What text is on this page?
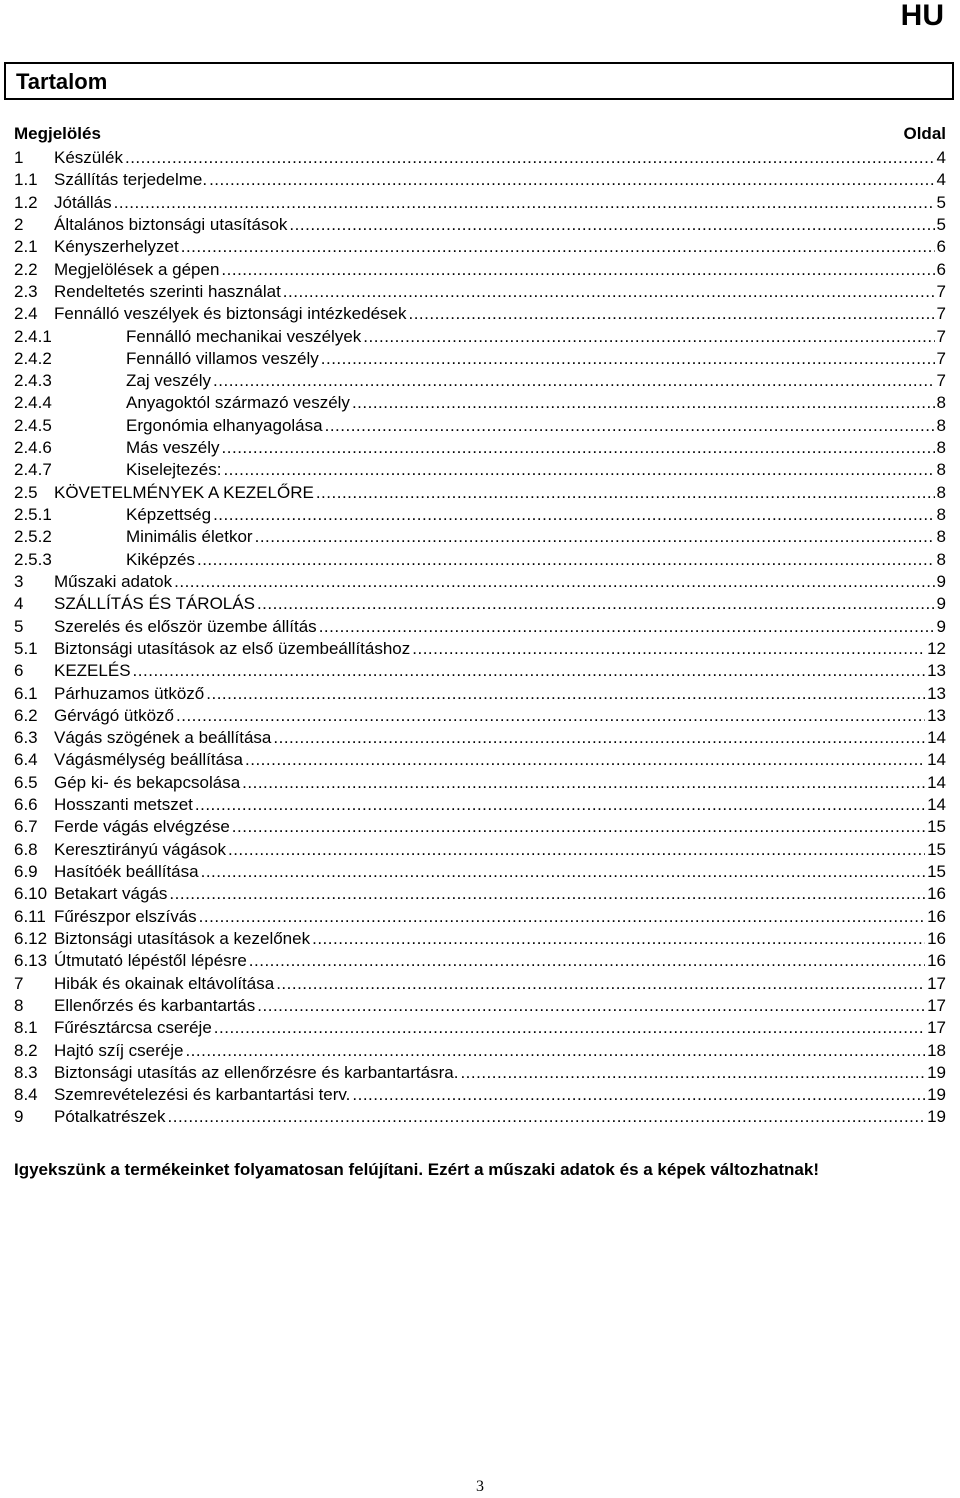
HU
Tartalom
Megjelölés	Oldal
1	Készülék .....	4
1.1 Szállítás terjedelme. .....	4
1.2 Jótállás .....	5
2	Általános biztonsági utasítások .....	5
2.1 Kényszerhelyzet .....	6
2.2 Megjelölések a gépen .....	6
2.3 Rendeltetés szerinti használat .....	7
2.4 Fennálló veszélyek és biztonsági intézkedések .....	7
2.4.1	Fennálló mechanikai veszélyek .....	7
2.4.2	Fennálló villamos veszély .....	7
2.4.3	Zaj veszély .....	7
2.4.4	Anyagoktól származó veszély .....	8
2.4.5	Ergonómia elhanyagolása .....	8
2.4.6	Más veszély .....	8
2.4.7	Kiselejtezés: .....	8
2.5 KÖVETELMÉNYEK A KEZELŐRE .....	8
2.5.1	Képzettség .....	8
2.5.2	Minimális életkor .....	8
2.5.3	Kiképzés .....	8
3	Műszaki adatok .....	9
4	SZÁLLÍTÁS ÉS TÁROLÁS .....	9
5	Szerelés és először üzembe állítás .....	9
5.1 Biztonsági utasítások az első üzembeállításhoz .....	12
6	KEZELÉS .....	13
6.1 Párhuzamos ütköző .....	13
6.2 Gérvágó ütköző .....	13
6.3 Vágás szögének a beállítása .....	14
6.4 Vágásmélység beállítása .....	14
6.5 Gép ki- és bekapcsolása .....	14
6.6 Hosszanti metszet .....	14
6.7 Ferde vágás elvégzése .....	15
6.8 Keresztirányú vágások .....	15
6.9 Hasítóék beállítása .....	15
6.10 Betakart vágás .....	16
6.11 Fűrészpor elszívás .....	16
6.12 Biztonsági utasítások a kezelőnek .....	16
6.13 Útmutató lépéstől lépésre .....	16
7	Hibák és okainak eltávolítása .....	17
8	Ellenőrzés és karbantartás .....	17
8.1 Fűrésztárcsa cseréje .....	17
8.2 Hajtó szíj cseréje .....	18
8.3 Biztonsági utasítás az ellenőrzésre és karbantartásra. .....	19
8.4 Szemrevételezési és karbantartási terv. .....	19
9	Pótalkatrészek .....	19
Igyekszünk a termékeinket folyamatosan felújítani. Ezért a műszaki adatok és a képek változhatnak!
3
